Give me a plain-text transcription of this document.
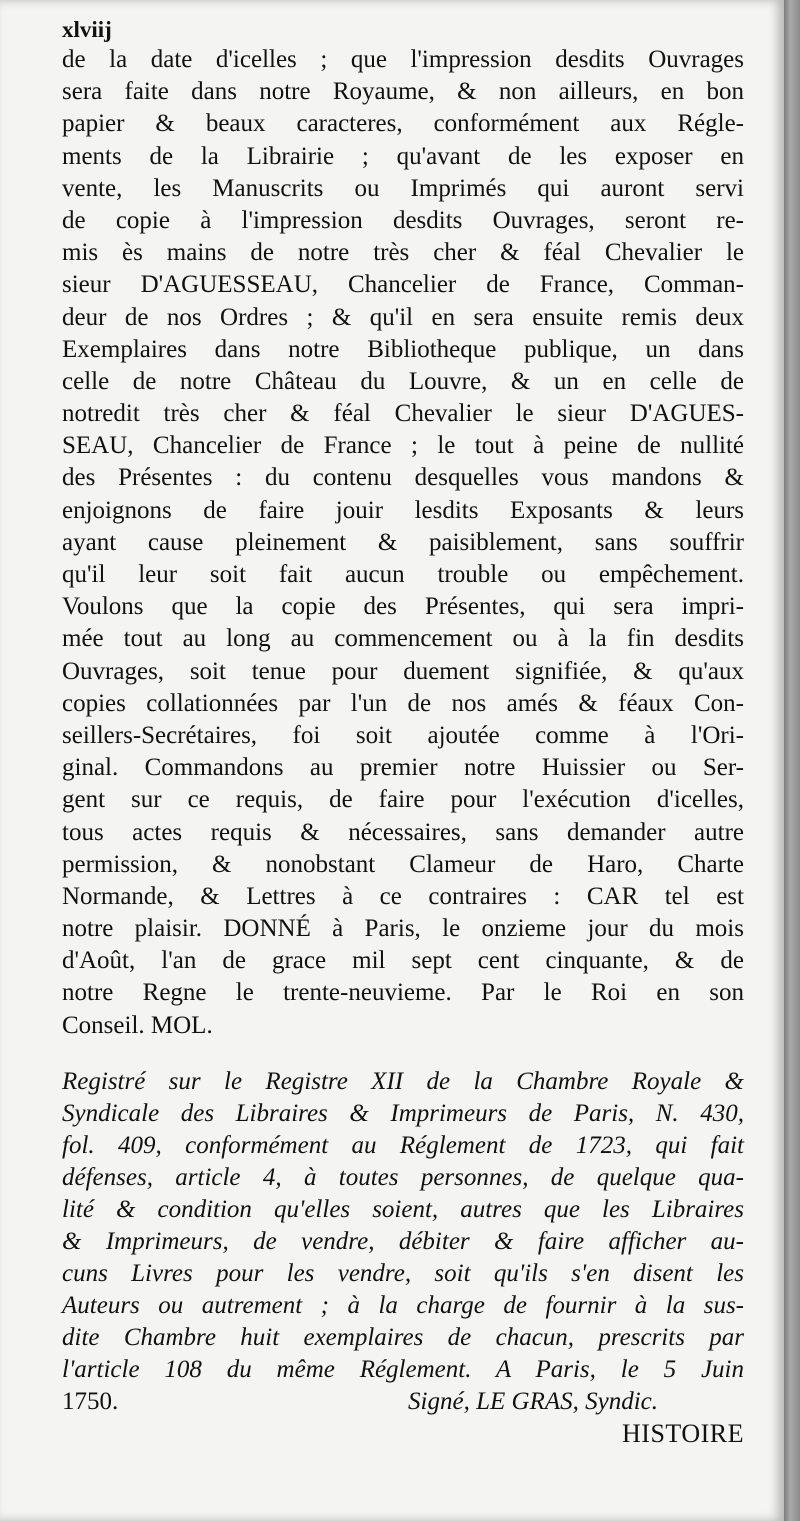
xlviij
de la date d'icelles ; que l'impression desdits Ouvrages
sera faite dans notre Royaume, & non ailleurs, en bon
papier & beaux caracteres, conformément aux Régle-
ments de la Librairie ; qu'avant de les exposer en
vente, les Manuscrits ou Imprimés qui auront servi
de copie à l'impression desdits Ouvrages, seront re-
mis ès mains de notre très cher & féal Chevalier le
sieur D'AGUESSEAU, Chancelier de France, Comman-
deur de nos Ordres ; & qu'il en sera ensuite remis deux
Exemplaires dans notre Bibliotheque publique, un dans
celle de notre Château du Louvre, & un en celle de
notredit très cher & féal Chevalier le sieur D'AGUES-
SEAU, Chancelier de France ; le tout à peine de nullité
des Présentes : du contenu desquelles vous mandons &
enjoignons de faire jouir lesdits Exposants & leurs
ayant cause pleinement & paisiblement, sans souffrir
qu'il leur soit fait aucun trouble ou empêchement.
Voulons que la copie des Présentes, qui sera impri-
mée tout au long au commencement ou à la fin desdits
Ouvrages, soit tenue pour duement signifiée, & qu'aux
copies collationnées par l'un de nos amés & féaux Con-
seillers-Secrétaires, foi soit ajoutée comme à l'Ori-
ginal. Commandons au premier notre Huissier ou Ser-
gent sur ce requis, de faire pour l'exécution d'icelles,
tous actes requis & nécessaires, sans demander autre
permission, & nonobstant Clameur de Haro, Charte
Normande, & Lettres à ce contraires : CAR tel est
notre plaisir. DONNÉ à Paris, le onzieme jour du mois
d'Août, l'an de grace mil sept cent cinquante, & de
notre Regne le trente-neuvieme. Par le Roi en son
Conseil. MOL.
Registré sur le Registre XII de la Chambre Royale &
Syndicale des Libraires & Imprimeurs de Paris, N. 430,
fol. 409, conformément au Réglement de 1723, qui fait
défenses, article 4, à toutes personnes, de quelque qua-
lité & condition qu'elles soient, autres que les Libraires
& Imprimeurs, de vendre, débiter & faire afficher au-
cuns Livres pour les vendre, soit qu'ils s'en disent les
Auteurs ou autrement ; à la charge de fournir à la sus-
dite Chambre huit exemplaires de chacun, prescrits par
l'article 108 du même Réglement. A Paris, le 5 Juin
1750.	Signé, LE GRAS, Syndic.
HISTOIRE
